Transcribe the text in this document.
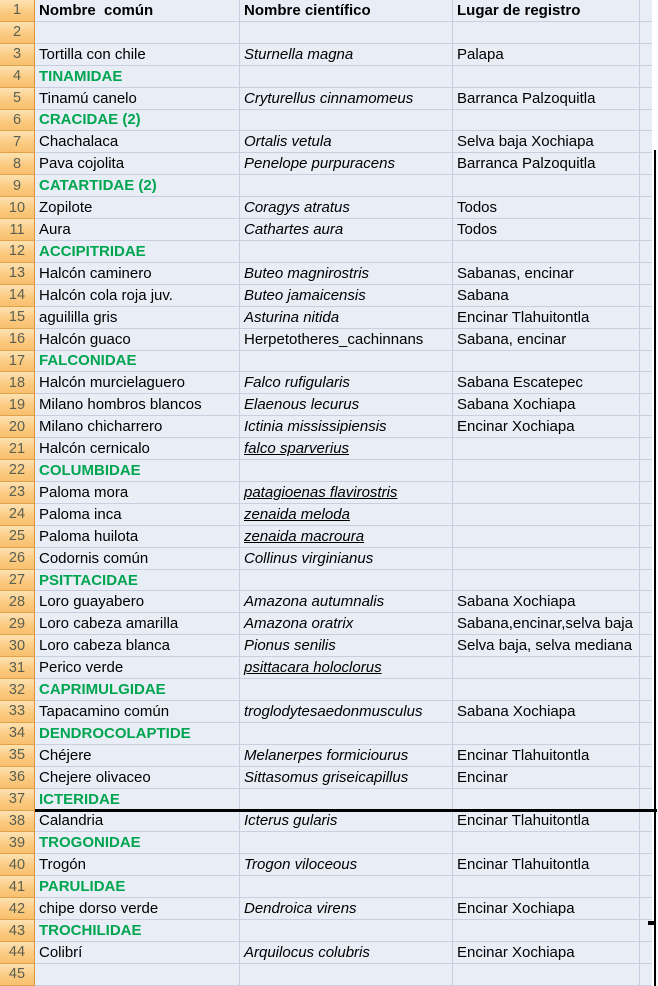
1	Nombre  común	Nombre científico	Lugar de registro
2
3	Tortilla con chile	Sturnella magna	Palapa
4	TINAMIDAE
5	Tinamú canelo	Cryturellus cinnamomeus	Barranca Palzoquitla
6	CRACIDAE (2)
7	Chachalaca	Ortalis vetula	Selva baja Xochiapa
8	Pava cojolita	Penelope purpuracens	Barranca Palzoquitla
9	CATARTIDAE (2)
10 Zopilote	Coragys atratus	Todos
11 Aura	Cathartes aura	Todos
12 ACCIPITRIDAE
13 Halcón caminero	Buteo magnirostris	Sabanas, encinar
14 Halcón cola roja juv.	Buteo jamaicensis	Sabana
15 aguililla gris	Asturina nitida	Encinar Tlahuitontla
16 Halcón guaco	Herpetotheres_cachinnans	Sabana, encinar
17 FALCONIDAE
18 Halcón murcielaguero	Falco rufigularis	Sabana Escatepec
19 Milano hombros blancos	Elaenous lecurus	Sabana Xochiapa
20 Milano chicharrero	Ictinia mississipiensis	Encinar Xochiapa
21 Halcón cernicalo	falco sparverius
22 COLUMBIDAE
23 Paloma mora	patagioenas flavirostris
24 Paloma inca	zenaida meloda
25 Paloma huilota	zenaida macroura
26 Codornis común	Collinus virginianus
27 PSITTACIDAE
28 Loro guayabero	Amazona autumnalis	Sabana Xochiapa
29 Loro cabeza amarilla	Amazona oratrix	Sabana,encinar,selva baja
30 Loro cabeza blanca	Pionus senilis	Selva baja, selva mediana
31 Perico verde	psittacara holoclorus
32 CAPRIMULGIDAE
33 Tapacamino común	troglodytesaedonmusculus	Sabana Xochiapa
34 DENDROCOLAPTIDE
35 Chéjere	Melanerpes formiciourus	Encinar Tlahuitontla
36 Chejere olivaceo	Sittasomus griseicapillus	Encinar
37 ICTERIDAE
38 Calandria	Icterus gularis	Encinar Tlahuitontla
39 TROGONIDAE
40 Trogón	Trogon viloceous	Encinar Tlahuitontla
41 PARULIDAE
42 chipe dorso verde	Dendroica virens	Encinar Xochiapa
43 TROCHILIDAE
44 Colibrí	Arquilocus colubris	Encinar Xochiapa
45
